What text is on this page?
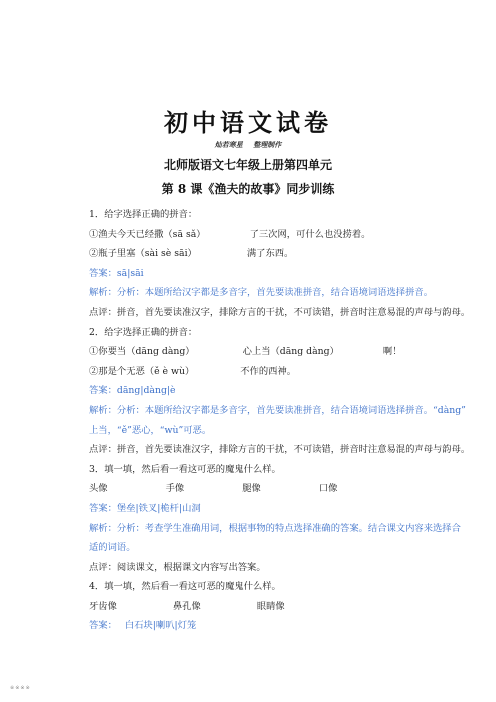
初中语文试卷
灿若寒星 整理制作
北师版语文七年级上册第四单元
第 8 课《渔夫的故事》同步训练
1．给字选择正确的拼音：
①渔夫今天已经撒（sā sǎ）	了三次网，可什么也没捞着。
②瓶子里塞（sài sè sāi）	满了东西。
答案：sā|sāi
解析：分析：本题所给汉字都是多音字，首先要读准拼音，结合语境词语选择拼音。
点评：拼音，首先要读准汉字，排除方言的干扰，不可读错，拼音时注意易混的声母与韵母。
2．给字选择正确的拼音：
①你要当（dāng dàng）	心上当（dāng dàng）	啊！
②那是个无恶（ě è wù）	不作的西神。
答案：dāng|dàng|è
解析：分析：本题所给汉字都是多音字，首先要读准拼音，结合语境词语选择拼音。“dàng”
上当，“ě”恶心，“wù”可恶。
点评：拼音，首先要读准汉字，排除方言的干扰，不可读错，拼音时注意易混的声母与韵母。
3．填一填，然后看一看这可恶的魔鬼什么样。
头像	手像	腿像	口像
答案：堡垒|铁叉|桅杆|山洞
解析：分析：考查学生准确用词，根据事物的特点选择准确的答案。结合课文内容来选择合
适的词语。
点评：阅读课文，根据课文内容写出答案。
4．填一填，然后看一看这可恶的魔鬼什么样。
牙齿像	鼻孔像	眼睛像
答案： 白石块|喇叭|灯笼
※※※※
